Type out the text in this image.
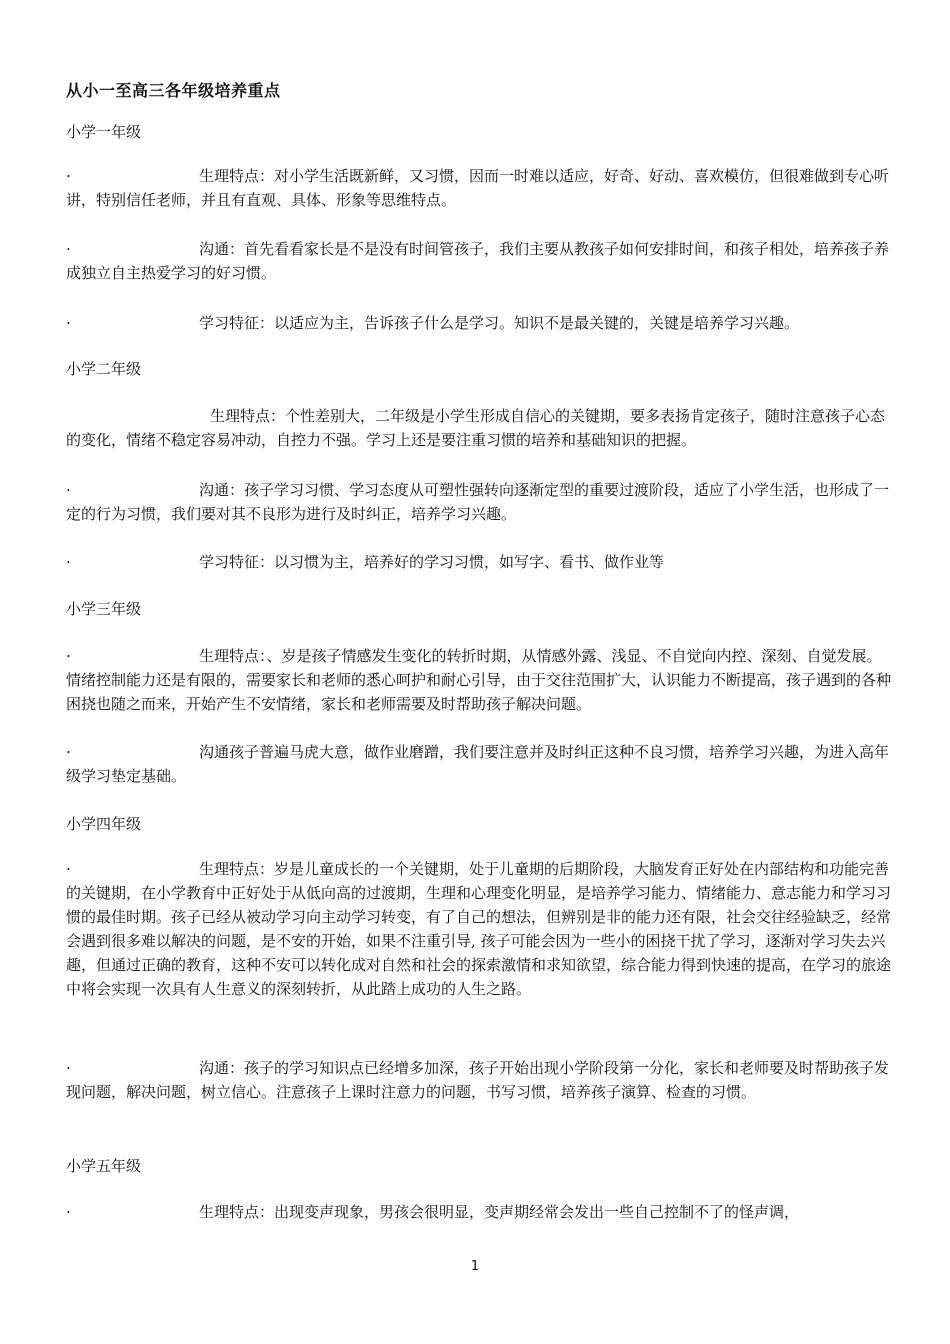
从小一至高三各年级培养重点
小学一年级
·	生理特点：对小学生活既新鲜，又习惯，因而一时难以适应，好奇、好动、喜欢模仿，但很难做到专心听讲，特别信任老师，并且有直观、具体、形象等思维特点。
·	沟通：首先看看家长是不是没有时间管孩子，我们主要从教孩子如何安排时间，和孩子相处，培养孩子养成独立自主热爱学习的好习惯。
·	学习特征：以适应为主，告诉孩子什么是学习。知识不是最关键的，关键是培养学习兴趣。
小学二年级
生理特点：个性差别大，二年级是小学生形成自信心的关键期，要多表扬肯定孩子，随时注意孩子心态的变化，情绪不稳定容易冲动，自控力不强。学习上还是要注重习惯的培养和基础知识的把握。
·	沟通：孩子学习习惯、学习态度从可塑性强转向逐渐定型的重要过渡阶段，适应了小学生活，也形成了一定的行为习惯，我们要对其不良形为进行及时纠正，培养学习兴趣。
·	学习特征：以习惯为主，培养好的学习习惯，如写字、看书、做作业等
小学三年级
·	生理特点：、岁是孩子情感发生变化的转折时期，从情感外露、浅显、不自觉向内控、深刻、自觉发展。情绪控制能力还是有限的，需要家长和老师的悉心呵护和耐心引导，由于交往范围扩大，认识能力不断提高，孩子遇到的各种困挠也随之而来，开始产生不安情绪，家长和老师需要及时帮助孩子解决问题。
·	沟通孩子普遍马虎大意，做作业磨蹭，我们要注意并及时纠正这种不良习惯，培养学习兴趣，为进入高年级学习垫定基础。
小学四年级
·	生理特点：岁是儿童成长的一个关键期，处于儿童期的后期阶段，大脑发育正好处在内部结构和功能完善的关键期，在小学教育中正好处于从低向高的过渡期，生理和心理变化明显，是培养学习能力、情绪能力、意志能力和学习习惯的最佳时期。孩子已经从被动学习向主动学习转变，有了自己的想法，但辨别是非的能力还有限，社会交往经验缺乏，经常会遇到很多难以解决的问题，是不安的开始，如果不注重引导, 孩子可能会因为一些小的困挠干扰了学习，逐渐对学习失去兴趣，但通过正确的教育，这种不安可以转化成对自然和社会的探索激情和求知欲望，综合能力得到快速的提高，在学习的旅途中将会实现一次具有人生意义的深刻转折，从此踏上成功的人生之路。
·	沟通：孩子的学习知识点已经增多加深，孩子开始出现小学阶段第一分化，家长和老师要及时帮助孩子发现问题，解决问题，树立信心。注意孩子上课时注意力的问题，书写习惯，培养孩子演算、检查的习惯。
小学五年级
·	生理特点：出现变声现象，男孩会很明显，变声期经常会发出一些自己控制不了的怪声调，
1
